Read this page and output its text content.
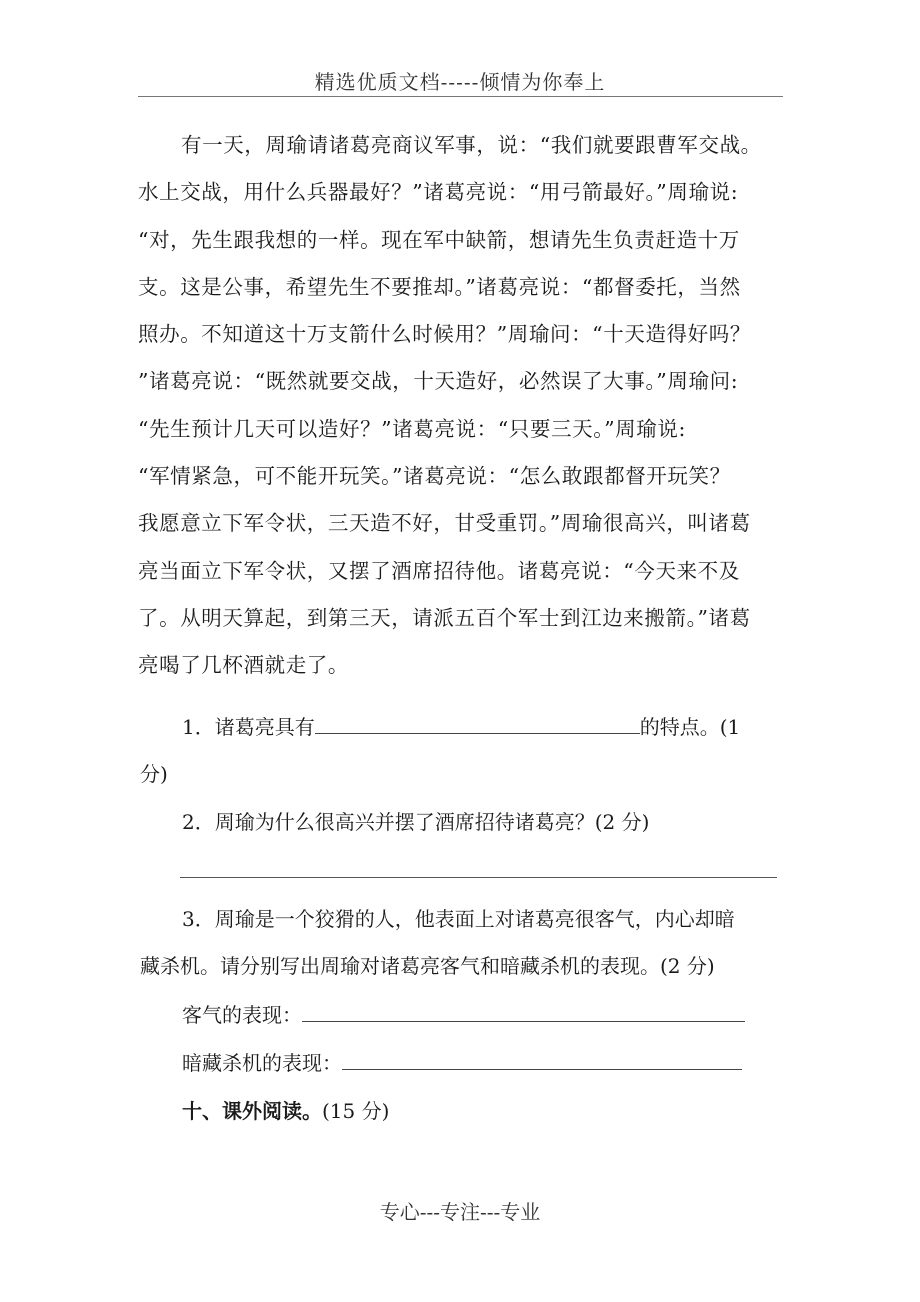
精选优质文档-----倾情为你奉上
有一天，周瑜请诸葛亮商议军事，说：“我们就要跟曹军交战。
水上交战，用什么兵器最好？”诸葛亮说：“用弓箭最好。”周瑜说:
“对，先生跟我想的一样。现在军中缺箭，想请先生负责赶造十万
支。这是公事，希望先生不要推却。”诸葛亮说：“都督委托，当然
照办。不知道这十万支箭什么时候用？”周瑜问：“十天造得好吗？
”诸葛亮说：“既然就要交战，十天造好，必然误了大事。”周瑜问:
“先生预计几天可以造好？”诸葛亮说：“只要三天。”周瑜说:
“军情紧急，可不能开玩笑。”诸葛亮说：“怎么敢跟都督开玩笑？
我愿意立下军令状，三天造不好，甘受重罚。”周瑜很高兴，叫诸葛
亮当面立下军令状，又摆了酒席招待他。诸葛亮说：“今天来不及
了。从明天算起，到第三天，请派五百个军士到江边来搬箭。”诸葛
亮喝了几杯酒就走了。
1．诸葛亮具有	的特点。(1
分)
2．周瑜为什么很高兴并摆了酒席招待诸葛亮？(2 分)
3．周瑜是一个狡猾的人，他表面上对诸葛亮很客气，内心却暗
藏杀机。请分别写出周瑜对诸葛亮客气和暗藏杀机的表现。(2 分)
客气的表现：
暗藏杀机的表现：
十、课外阅读。(15 分)
专心---专注---专业
